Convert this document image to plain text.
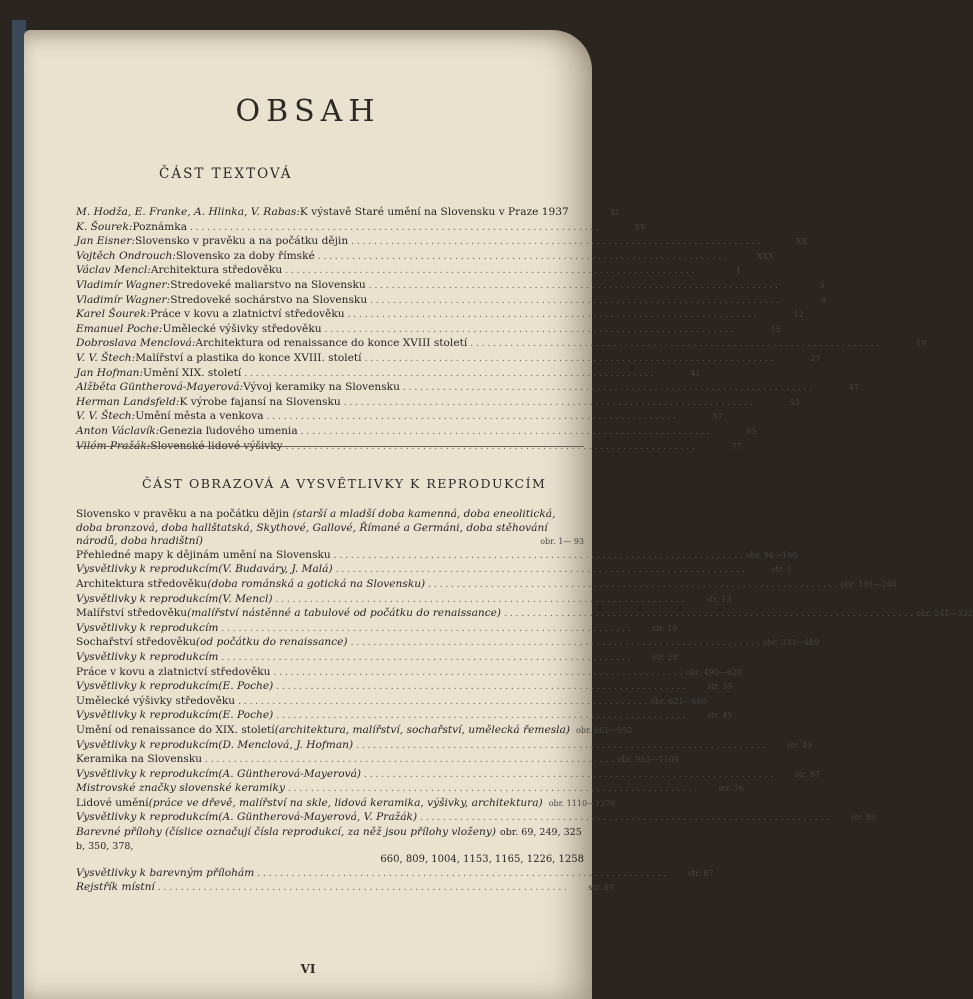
OBSAH
ČÁST TEXTOVÁ
M. Hodža, E. Franke, A. Hlinka, V. Rabas: K výstavě Staré umění na Slovensku v Praze 1937	XI
K. Šourek: Poznámka . . .	XV
Jan Eisner: Slovensko v pravěku a na počátku dějin . . .	XX
Vojtěch Ondrouch: Slovensko za doby římské . . .	XXX
Václav Mencl: Architektura středověku . . .	1
Vladimír Wagner: Stredoveké maliarstvo na Slovensku . . .	5
Vladimír Wagner: Stredoveké sochárstvo na Slovensku . . .	9
Karel Šourek: Práce v kovu a zlatnictví středověku . . .	12
Emanuel Poche: Umělecké výšivky středověku . . .	15
Dobroslava Menclová: Architektura od renaissance do konce XVIII století . . .	19
V. V. Štech: Malířství a plastika do konce XVIII. století . . .	27
Jan Hofman: Umění XIX. století . . .	41
Alžběta Güntherová-Mayerová: Vývoj keramiky na Slovensku . . .	47
Herman Landsfeld: K výrobe fajansí na Slovensku . . .	53
V. V. Štech: Umění města a venkova . . .	57
Anton Václavík: Genezia ľudového umenia . . .	65
Vilém Pražák: Slovenské lidové výšivky . . .	77
ČÁST OBRAZOVÁ A VYSVĚTLIVKY K REPRODUKCÍM
Slovensko v pravěku a na počátku dějin (starší a mladší doba kamenná, doba eneolitická, doba bronzová, doba hallštatská, Skythové, Gallové, Římané a Germáni, doba stěhování národů, doba hradištní)	obr. 1— 93
Přehledné mapy k dějinám umění na Slovensku . . .	obr. 94—100
Vysvětlivky k reprodukcím (V. Budaváry, J. Malá) . . .	str. 1
Architektura středověku (doba románská a gotická na Slovensku) . . .	obr. 101—240
Vysvětlivky k reprodukcím (V. Mencl) . . .	str. 13
Malířství středověku (malířství nástěnné a tabulové od počátku do renaissance) . . .	obr. 241—332
Vysvětlivky k reprodukcím . . .	str. 19
Sochařství středověku (od počátku do renaissance) . . .	obr. 333—489
Vysvětlivky k reprodukcím . . .	str. 28
Práce v kovu a zlatnictví středověku . . .	obr. 490—620
Vysvětlivky k reprodukcím (E. Poche) . . .	str. 39
Umělecké výšivky středověku . . .	obr. 621—660
Vysvětlivky k reprodukcím (E. Poche) . . .	str. 45
Umění od renaissance do XIX. století (architektura, malířství, sochařství, umělecká řemesla) obr. 661—952
Vysvětlivky k reprodukcím (D. Menclová, J. Hofman) . . .	str. 49
Keramika na Slovensku . . .	obr. 953—1109
Vysvětlivky k reprodukcím (A. Güntherová-Mayerová) . . .	str. 67
Mistrovské značky slovenské keramiky . . .	str. 76
Lidové umění (práce ve dřevě, malířství na skle, lidová keramika, výšivky, architektura) obr. 1110—1276
Vysvětlivky k reprodukcím (A. Güntherová-Mayerová, V. Pražák) . . .	str. 80
Barevné přílohy (číslice označují čísla reprodukcí, za něž jsou přílohy vloženy) obr. 69, 249, 325 b, 350, 378,
660, 809, 1004, 1153, 1165, 1226, 1258
Vysvětlivky k barevným přílohám . . .	str. 87
Rejstřík místní . . .	str. 89
VI
